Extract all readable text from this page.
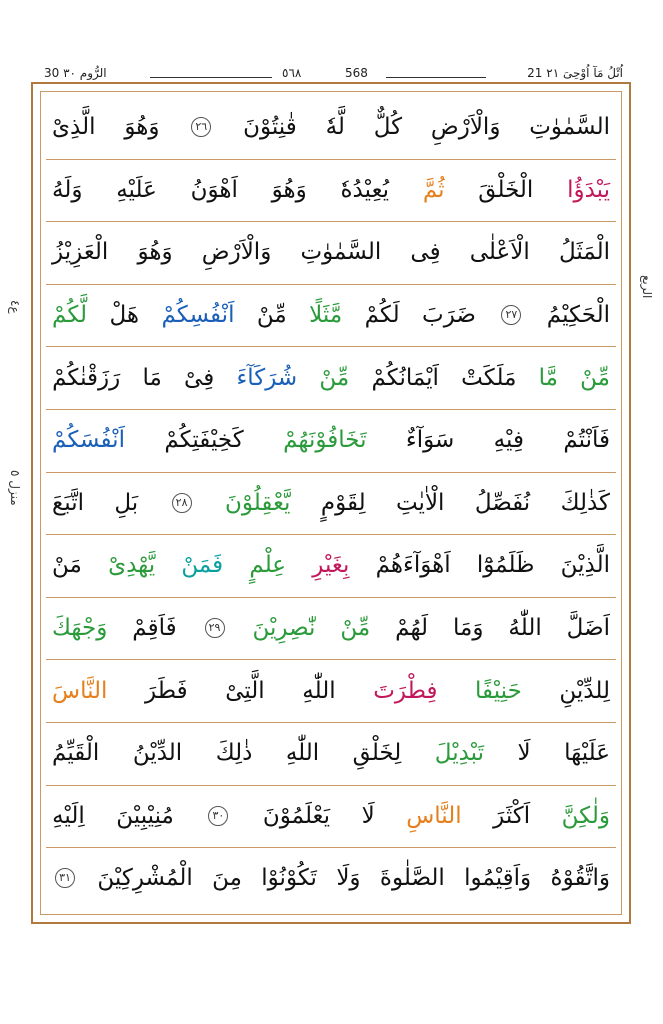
30 الرُّوم ٣٠	٥٦٨	568	21 اُتْلُ مَآ اُوْحِیَ ٢١
ع٤
منزل ٥
الربع
السَّمٰوٰتِ
وَالْاَرْضِ
كُلٌّ
لَّهٗ
قٰنِتُوْنَ
٢٦
وَهُوَ
الَّذِیْ
يَبْدَؤُا
الْخَلْقَ
ثُمَّ
يُعِيْدُهٗ
وَهُوَ
اَهْوَنُ
عَلَيْهِ
وَلَهُ
الْمَثَلُ
الْاَعْلٰى
فِی
السَّمٰوٰتِ
وَالْاَرْضِ
وَهُوَ
الْعَزِيْزُ
الْحَكِيْمُ
٢٧
ضَرَبَ
لَكُمْ
مَّثَلًا
مِّنْ
اَنْفُسِكُمْ
هَلْ
لَّكُمْ
مِّنْ
مَّا
مَلَكَتْ
اَيْمَانُكُمْ
مِّنْ
شُرَكَآءَ
فِیْ
مَا
رَزَقْنٰكُمْ
فَاَنْتُمْ
فِيْهِ
سَوَآءٌ
تَخَافُوْنَهُمْ
كَخِيْفَتِكُمْ
اَنْفُسَكُمْ
كَذٰلِكَ
نُفَصِّلُ
الْاٰيٰتِ
لِقَوْمٍ
يَّعْقِلُوْنَ
٢٨
بَلِ
اتَّبَعَ
الَّذِيْنَ
ظَلَمُوْٓا
اَهْوَآءَهُمْ
بِغَيْرِ
عِلْمٍ
فَمَنْ
يَّهْدِیْ
مَنْ
اَضَلَّ
اللّٰهُ
وَمَا
لَهُمْ
مِّنْ
نّٰصِرِيْنَ
٢٩
فَاَقِمْ
وَجْهَكَ
لِلدِّيْنِ
حَنِيْفًا
فِطْرَتَ
اللّٰهِ
الَّتِیْ
فَطَرَ
النَّاسَ
عَلَيْهَا
لَا
تَبْدِيْلَ
لِخَلْقِ
اللّٰهِ
ذٰلِكَ
الدِّيْنُ
الْقَيِّمُ
وَلٰكِنَّ
اَكْثَرَ
النَّاسِ
لَا
يَعْلَمُوْنَ
٣٠
مُنِيْبِيْنَ
اِلَيْهِ
وَاتَّقُوْهُ
وَاَقِيْمُوا
الصَّلٰوةَ
وَلَا
تَكُوْنُوْا
مِنَ
الْمُشْرِكِيْنَ
٣١
